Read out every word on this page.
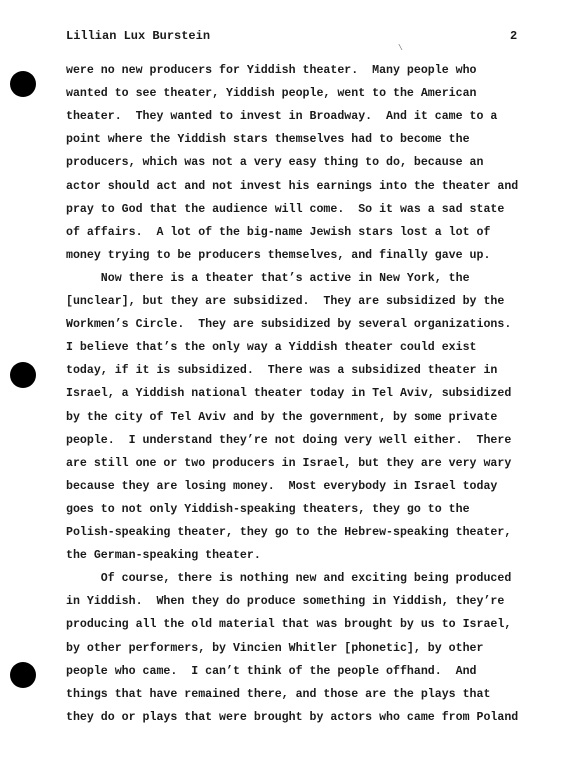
Lillian Lux Burstein	2
\
were no new producers for Yiddish theater.  Many people who
wanted to see theater, Yiddish people, went to the American
theater.  They wanted to invest in Broadway.  And it came to a
point where the Yiddish stars themselves had to become the
producers, which was not a very easy thing to do, because an
actor should act and not invest his earnings into the theater and
pray to God that the audience will come.  So it was a sad state
of affairs.  A lot of the big-name Jewish stars lost a lot of
money trying to be producers themselves, and finally gave up.
Now there is a theater that’s active in New York, the
[unclear], but they are subsidized.  They are subsidized by the
Workmen’s Circle.  They are subsidized by several organizations.
I believe that’s the only way a Yiddish theater could exist
today, if it is subsidized.  There was a subsidized theater in
Israel, a Yiddish national theater today in Tel Aviv, subsidized
by the city of Tel Aviv and by the government, by some private
people.  I understand they’re not doing very well either.  There
are still one or two producers in Israel, but they are very wary
because they are losing money.  Most everybody in Israel today
goes to not only Yiddish-speaking theaters, they go to the
Polish-speaking theater, they go to the Hebrew-speaking theater,
the German-speaking theater.
Of course, there is nothing new and exciting being produced
in Yiddish.  When they do produce something in Yiddish, they’re
producing all the old material that was brought by us to Israel,
by other performers, by Vincien Whitler [phonetic], by other
people who came.  I can’t think of the people offhand.  And
things that have remained there, and those are the plays that
they do or plays that were brought by actors who came from Poland
